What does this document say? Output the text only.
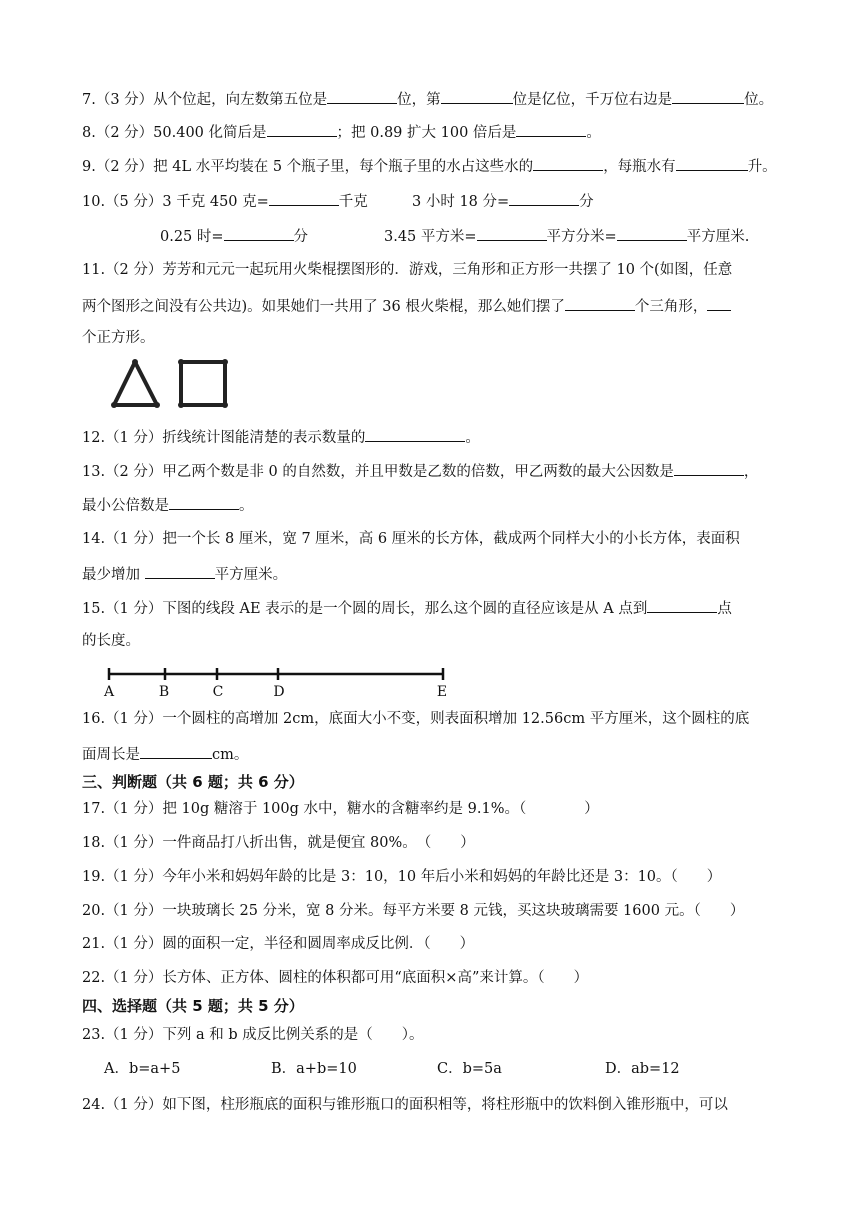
7.（3 分）从个位起，向左数第五位是	位，第	位是亿位，千万位右边是	位。
8.（2 分）50.400 化简后是	；把 0.89 扩大 100 倍后是	。
9.（2 分）把 4L 水平均装在 5 个瓶子里，每个瓶子里的水占这些水的	，每瓶水有	升。
10.（5 分）3 千克 450 克=	千克	3 小时 18 分=	分
0.25 时=	分	3.45 平方米=	平方分米=	平方厘米.
11.（2 分）芳芳和元元一起玩用火柴棍摆图形的．游戏，三角形和正方形一共摆了 10 个(如图，任意
两个图形之间没有公共边)。如果她们一共用了 36 根火柴棍，那么她们摆了	个三角形，
个正方形。
12.（1 分）折线统计图能清楚的表示数量的	。
13.（2 分）甲乙两个数是非 0 的自然数，并且甲数是乙数的倍数，甲乙两数的最大公因数是	，
最小公倍数是	。
14.（1 分）把一个长 8 厘米，宽 7 厘米，高 6 厘米的长方体，截成两个同样大小的小长方体，表面积
最少增加	平方厘米。
15.（1 分）下图的线段 AE 表示的是一个圆的周长，那么这个圆的直径应该是从 A 点到	点
的长度。
A	B	C	D	E
16.（1 分）一个圆柱的高增加 2cm，底面大小不变，则表面积增加 12.56cm 平方厘米，这个圆柱的底
面周长是	cm。
三、判断题（共 6 题；共 6 分）
17.（1 分）把 10g 糖溶于 100g 水中，糖水的含糖率约是 9.1%。（　　　　）
18.（1 分）一件商品打八折出售，就是便宜 80%。　（　　）
19.（1 分）今年小米和妈妈年龄的比是 3：10，10 年后小米和妈妈的年龄比还是 3：10。（　　）
20.（1 分）一块玻璃长 25 分米，宽 8 分米。每平方米要 8 元钱，买这块玻璃需要 1600 元。（　　）
21.（1 分）圆的面积一定，半径和圆周率成反比例．（　　）
22.（1 分）长方体、正方体、圆柱的体积都可用“底面积×高”来计算。（　　）
四、选择题（共 5 题；共 5 分）
23.（1 分）下列 a 和 b 成反比例关系的是（　　）。
A．b=a+5	B．a+b=10	C．b=5a	D．ab=12
24.（1 分）如下图，柱形瓶底的面积与锥形瓶口的面积相等，将柱形瓶中的饮料倒入锥形瓶中，可以
